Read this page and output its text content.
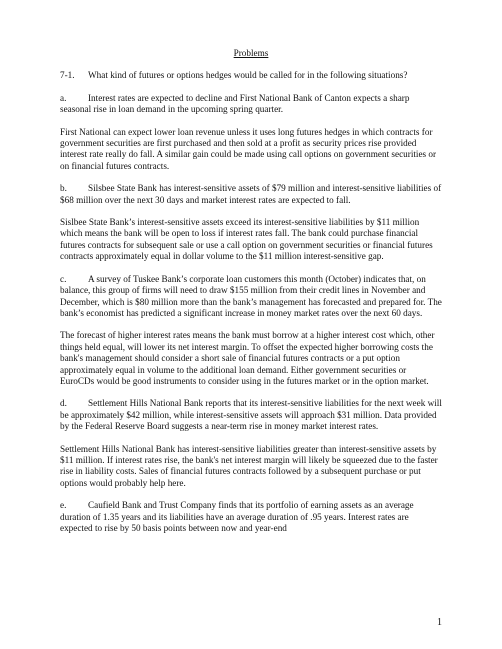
Problems

7-1. What kind of futures or options hedges would be called for in the following situations?

a. Interest rates are expected to decline and First National Bank of Canton expects a sharp seasonal rise in loan demand in the upcoming spring quarter.

First National can expect lower loan revenue unless it uses long futures hedges in which contracts for government securities are first purchased and then sold at a profit as security prices rise provided interest rate really do fall. A similar gain could be made using call options on government securities or on financial futures contracts.

b. Silsbee State Bank has interest-sensitive assets of $79 million and interest-sensitive liabilities of $68 million over the next 30 days and market interest rates are expected to fall.

Sislbee State Bank’s interest-sensitive assets exceed its interest-sensitive liabilities by $11 million which means the bank will be open to loss if interest rates fall. The bank could purchase financial futures contracts for subsequent sale or use a call option on government securities or financial futures contracts approximately equal in dollar volume to the $11 million interest-sensitive gap.

c. A survey of Tuskee Bank’s corporate loan customers this month (October) indicates that, on balance, this group of firms will need to draw $155 million from their credit lines in November and December, which is $80 million more than the bank’s management has forecasted and prepared for. The bank’s economist has predicted a significant increase in money market rates over the next 60 days.

The forecast of higher interest rates means the bank must borrow at a higher interest cost which, other things held equal, will lower its net interest margin. To offset the expected higher borrowing costs the bank's management should consider a short sale of financial futures contracts or a put option approximately equal in volume to the additional loan demand. Either government securities or EuroCDs would be good instruments to consider using in the futures market or in the option market.

d. Settlement Hills National Bank reports that its interest-sensitive liabilities for the next week will be approximately $42 million, while interest-sensitive assets will approach $31 million. Data provided by the Federal Reserve Board suggests a near-term rise in money market interest rates.

Settlement Hills National Bank has interest-sensitive liabilities greater than interest-sensitive assets by $11 million. If interest rates rise, the bank's net interest margin will likely be squeezed due to the faster rise in liability costs. Sales of financial futures contracts followed by a subsequent purchase or put options would probably help here.

e. Caufield Bank and Trust Company finds that its portfolio of earning assets as an average duration of 1.35 years and its liabilities have an average duration of .95 years. Interest rates are expected to rise by 50 basis points between now and year-end

1
